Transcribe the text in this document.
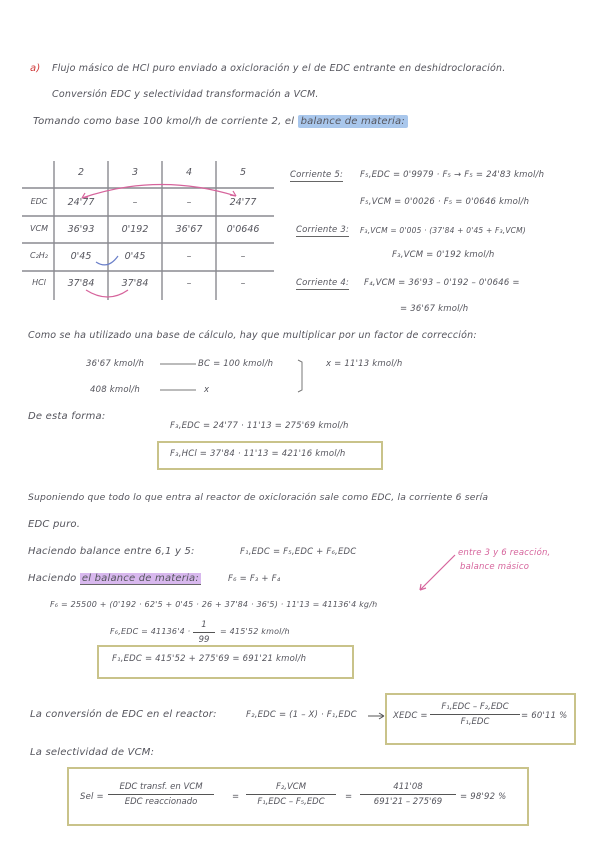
a) Flujo másico de HCl puro enviado a oxicloración y el de EDC entrante en deshidrocloración.
Conversión EDC y selectividad transformación a VCM.
Tomando como base 100 kmol/h de corriente 2, el balance de materia:
2	3	4	5
EDC	24'77	–	–	24'77
VCM	36'93	0'192	36'67	0'0646
C₂H₂	0'45	0'45	–	–
HCl	37'84	37'84	–	–
Corriente 5: F₅,EDC = 0'9979 · F₅ → F₅ = 24'83 kmol/h
F₅,VCM = 0'0026 · F₅ = 0'0646 kmol/h
Corriente 3: F₃,VCM = 0'005 · (37'84 + 0'45 + F₃,VCM)
F₃,VCM = 0'192 kmol/h
Corriente 4: F₄,VCM = 36'93 – 0'192 – 0'0646 =
= 36'67 kmol/h
Como se ha utilizado una base de cálculo, hay que multiplicar por un factor de corrección:
36'67 kmol/h	BC = 100 kmol/h
408 kmol/h	x
x = 11'13 kmol/h
De esta forma:
F₃,EDC = 24'77 · 11'13 = 275'69 kmol/h
F₃,HCl = 37'84 · 11'13 = 421'16 kmol/h
Suponiendo que todo lo que entra al reactor de oxicloración sale como EDC, la corriente 6 sería
EDC puro.
Haciendo balance entre 6,1 y 5:	F₁,EDC = F₅,EDC + F₆,EDC	entre 3 y 6 reacción,
balance másico
Haciendo el balance de materia:	F₆ = F₃ + F₄
F₆ = 25500 + (0'192 · 62'5 + 0'45 · 26 + 37'84 · 36'5) · 11'13 = 41136'4 kg/h
$F_6,EDC = 41136'4 \cdot \frac{1}{99} = 415'52$ kmol/h
F₁,EDC = 415'52 + 275'69 = 691'21 kmol/h
La conversión de EDC en el reactor:	F₂,EDC = (1 – X) · F₁,EDC	XEDC =
F₁,EDC – F₂,EDC
F₁,EDC
= 60'11 %
La selectividad de VCM:
Sel =
EDC transf. en VCM
EDC reaccionado	=
F₂,VCM
F₁,EDC – F₅,EDC	= $\frac{411'08}{691'21 - 275'69} = 98'92$ %
